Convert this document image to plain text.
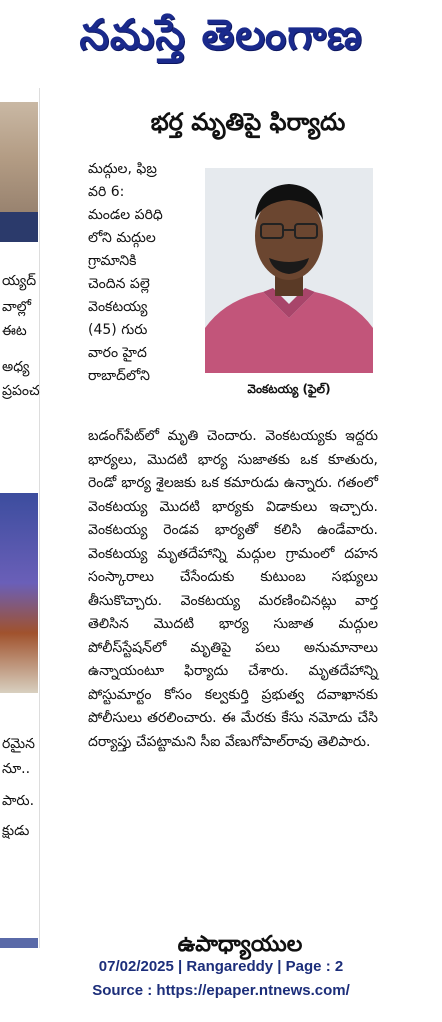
నమస్తే తెలంగాణ
య్యద్
వాల్లో
ఈట
అధ్య
ప్రపంచ
రమైన
నూ..
పారు.
క్షుడు
భర్త మృతిపై ఫిర్యాదు
మద్గుల, ఫిబ్ర
వరి 6:
మండల పరిధి
లోని మద్గుల
గ్రామానికి
చెందిన పల్లె
వెంకటయ్య
(45) గురు
వారం హైద
రాబాద్‌లోని
వెంకటయ్య (ఫైల్)
బడంగ్‌పేట్‌లో మృతి చెందారు. వెంకటయ్యకు ఇద్దరు భార్యలు, మొదటి భార్య సుజాతకు ఒక కూతురు, రెండో భార్య శైలజకు ఒక కమారుడు ఉన్నారు. గతంలో వెంకటయ్య మొదటి భార్యకు విడాకులు ఇచ్చారు. వెంకటయ్య రెండవ భార్యతో కలిసి ఉండేవారు. వెంకటయ్య మృతదేహాన్ని మద్గుల గ్రామంలో దహన సంస్కారాలు చేసేందుకు కుటుంబ సభ్యులు తీసుకొచ్చారు. వెంకటయ్య మరణించినట్లు వార్త తెలిసిన మొదటి భార్య సుజాత మద్గుల పోలీస్‌స్టేషన్‌లో మృతిపై పలు అనుమానాలు ఉన్నాయంటూ ఫిర్యాదు చేశారు. మృతదేహాన్ని పోస్టుమార్టం కోసం కల్వకుర్తి ప్రభుత్వ దవాఖానకు పోలీసులు తరలించారు. ఈ మేరకు కేసు నమోదు చేసి దర్యాప్తు చేపట్టామని సీఐ వేణుగోపాల్‌రావు తెలిపారు.
ఉపాధ్యాయుల
07/02/2025 | Rangareddy | Page : 2
Source : https://epaper.ntnews.com/
